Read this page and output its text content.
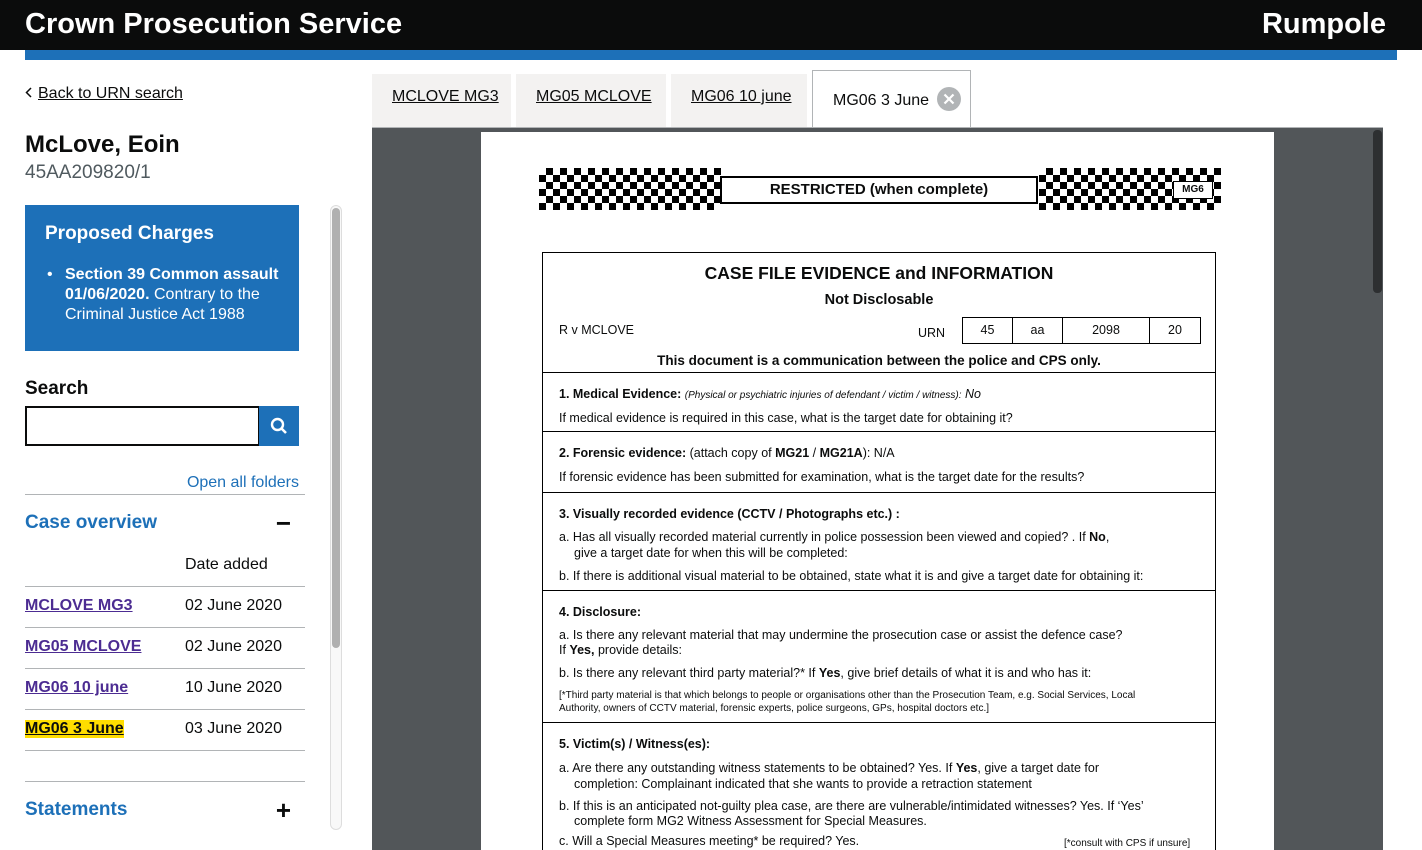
Crown Prosecution Service	Rumpole
Back to URN search
McLove, Eoin
45AA209820/1
Proposed Charges
• Section 39 Common assault 01/06/2020. Contrary to the Criminal Justice Act 1988
Search
Open all folders
Case overview	−
Date added
MCLOVE MG3	02 June 2020
MG05 MCLOVE	02 June 2020
MG06 10 june	10 June 2020
MG06 3 June	03 June 2020
Statements	+
MCLOVE MG3	MG05 MCLOVE	MG06 10 june	MG06 3 June
RESTRICTED (when complete)	MG6
CASE FILE EVIDENCE and INFORMATION
Not Disclosable
R v MCLOVE	URN	45	aa	2098	20
This document is a communication between the police and CPS only.
1. Medical Evidence: (Physical or psychiatric injuries of defendant / victim / witness): No
If medical evidence is required in this case, what is the target date for obtaining it?
2. Forensic evidence: (attach copy of MG21 / MG21A): N/A
If forensic evidence has been submitted for examination, what is the target date for the results?
3. Visually recorded evidence (CCTV / Photographs etc.) :
a. Has all visually recorded material currently in police possession been viewed and copied? . If No,
give a target date for when this will be completed:
b. If there is additional visual material to be obtained, state what it is and give a target date for obtaining it:
4. Disclosure:
a. Is there any relevant material that may undermine the prosecution case or assist the defence case?
If Yes, provide details:
b. Is there any relevant third party material?* If Yes, give brief details of what it is and who has it:
[*Third party material is that which belongs to people or organisations other than the Prosecution Team, e.g. Social Services, Local
Authority, owners of CCTV material, forensic experts, police surgeons, GPs, hospital doctors etc.]
5. Victim(s) / Witness(es):
a. Are there any outstanding witness statements to be obtained? Yes. If Yes, give a target date for
completion: Complainant indicated that she wants to provide a retraction statement
b. If this is an anticipated not-guilty plea case, are there are vulnerable/intimidated witnesses? Yes. If ‘Yes’
complete form MG2 Witness Assessment for Special Measures.
c. Will a Special Measures meeting* be required? Yes.	[*consult with CPS if unsure]
